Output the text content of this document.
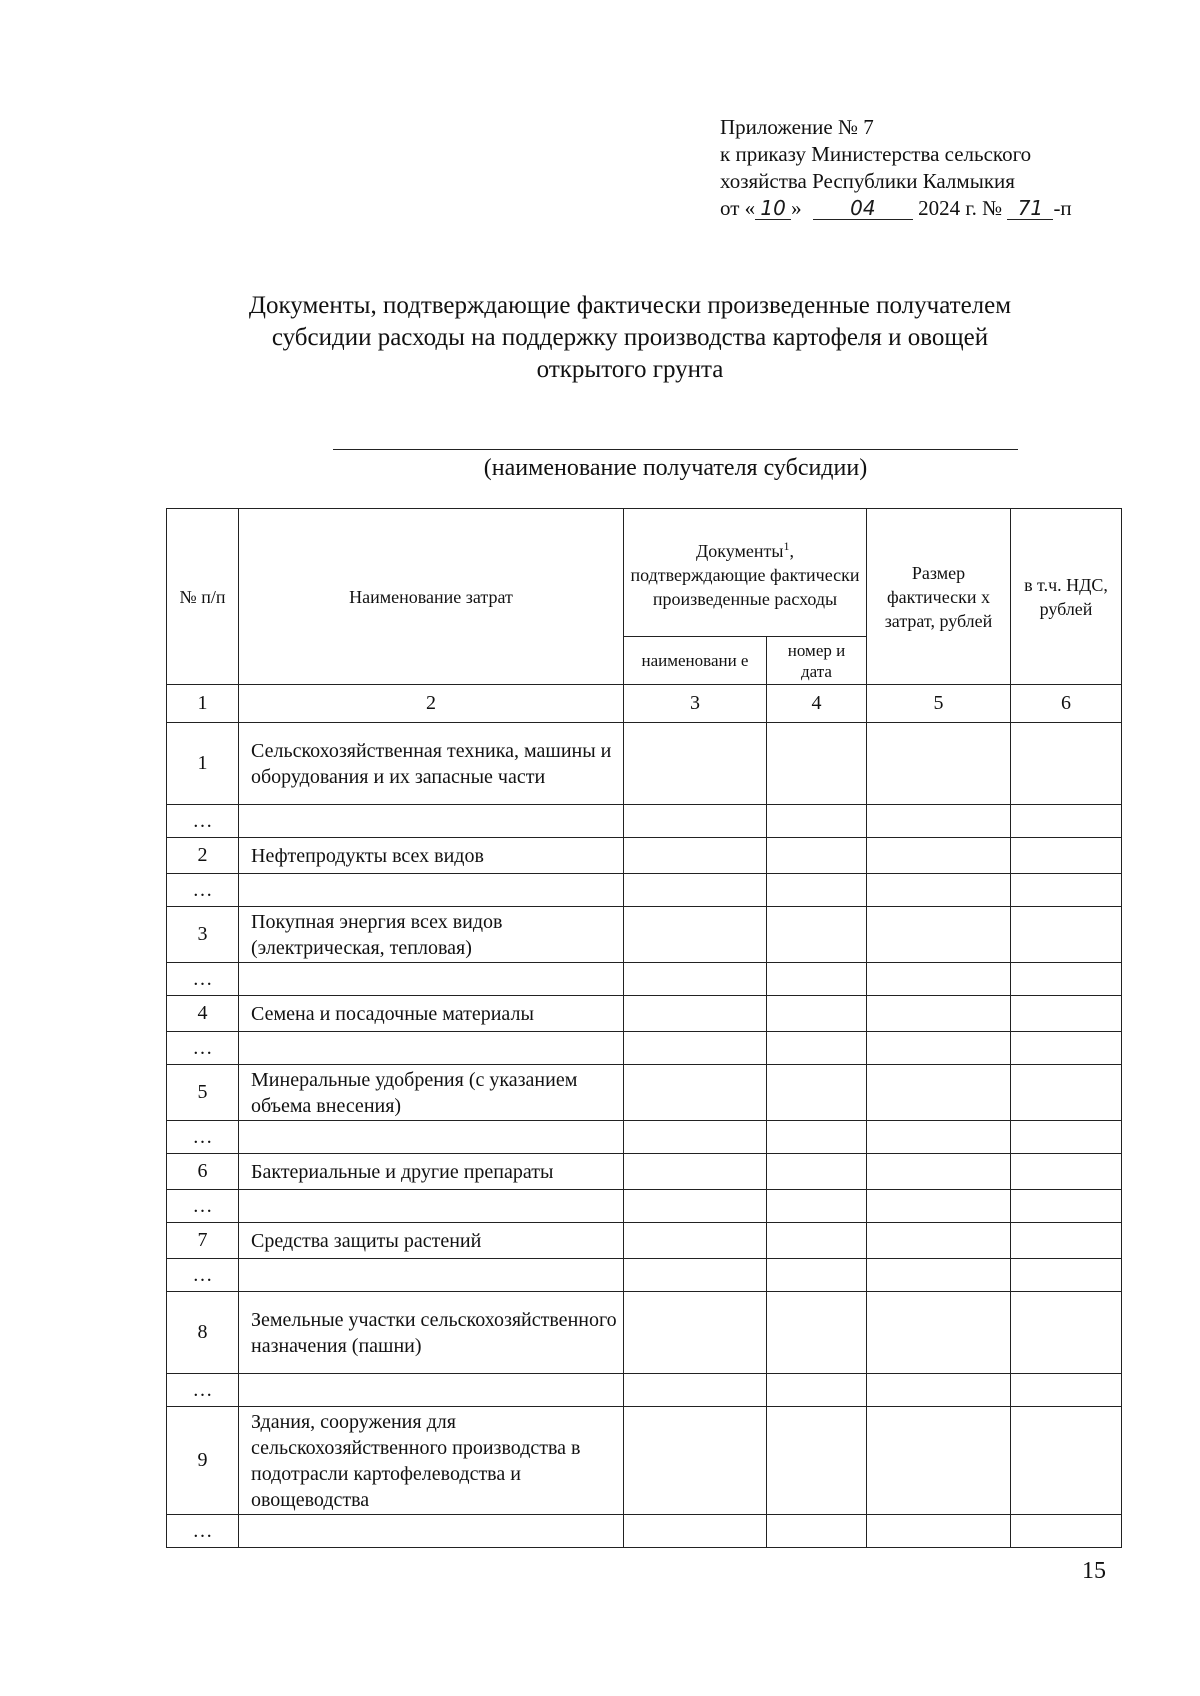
Приложение № 7
к приказу Министерства сельского
хозяйства Республики Калмыкия
от « 10 » 04 2024 г. № 71 -п
Документы, подтверждающие фактически произведенные получателем
субсидии расходы на поддержку производства картофеля и овощей
открытого грунта
(наименование получателя субсидии)
№ п/п	Наименование затрат	Документы$^1$, подтверждающие фактически произведенные расходы		Размер фактически х затрат, рублей	в т.ч. НДС, рублей

		наименовани е	номер и дата		

1	2	3	4	5	6
1	Сельскохозяйственная техника, машины и оборудования и их запасные части				
…					
2	Нефтепродукты всех видов				
…					
3	Покупная энергия всех видов (электрическая, тепловая)				
…					
4	Семена и посадочные материалы				
…					
5	Минеральные удобрения (с указанием объема внесения)				
…					
6	Бактериальные и другие препараты				
…					
7	Средства защиты растений				
…					
8	Земельные участки сельскохозяйственного назначения (пашни)				
…					
9	Здания, сооружения для сельскохозяйственного производства в подотрасли картофелеводства и овощеводства				
…					
15
